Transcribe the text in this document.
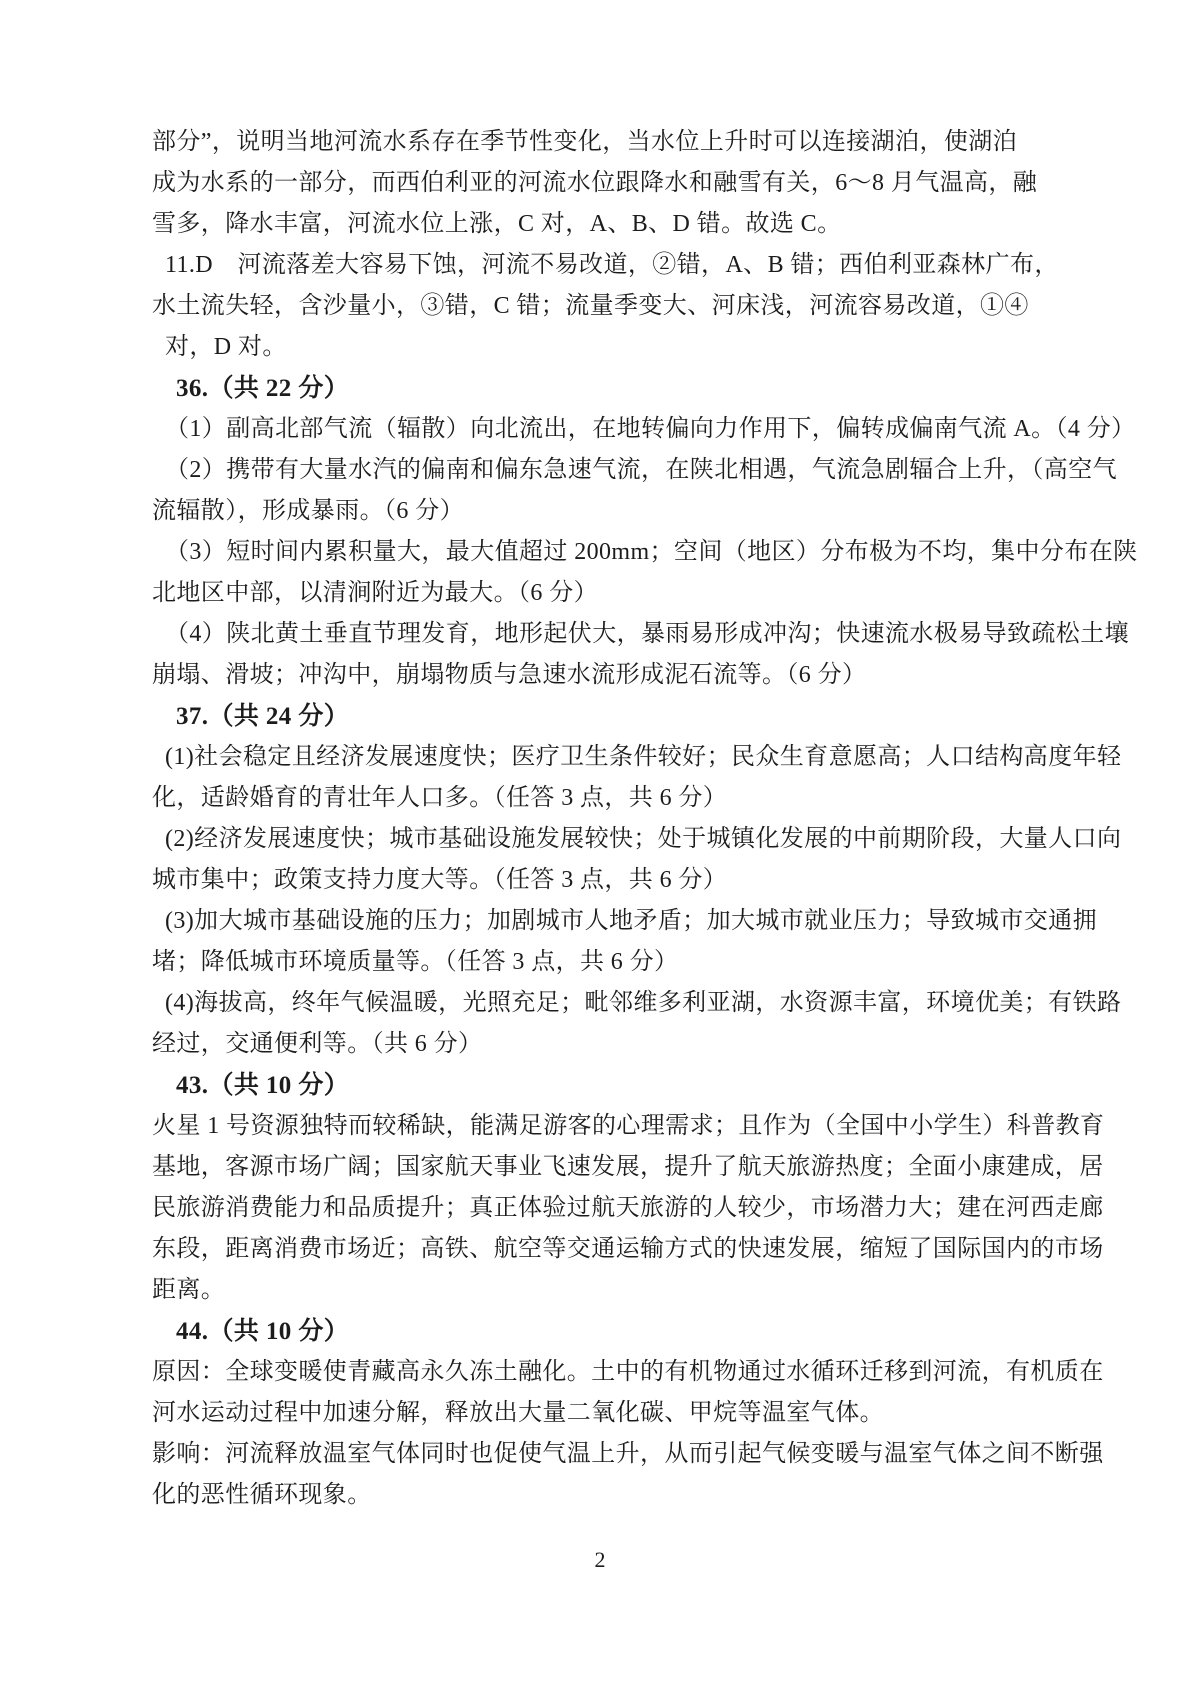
部分”，说明当地河流水系存在季节性变化，当水位上升时可以连接湖泊，使湖泊
成为水系的一部分，而西伯利亚的河流水位跟降水和融雪有关，6～8 月气温高，融
雪多，降水丰富，河流水位上涨，C 对，A、B、D 错。故选 C。
11.D　河流落差大容易下蚀，河流不易改道，②错，A、B 错；西伯利亚森林广布，
水土流失轻，含沙量小，③错，C 错；流量季变大、河床浅，河流容易改道，①④
对，D 对。
36.（共 22 分）
（1）副高北部气流（辐散）向北流出，在地转偏向力作用下，偏转成偏南气流 A。（4 分）
（2）携带有大量水汽的偏南和偏东急速气流，在陕北相遇，气流急剧辐合上升，（高空气
流辐散），形成暴雨。（6 分）
（3）短时间内累积量大，最大值超过 200mm；空间（地区）分布极为不均，集中分布在陕
北地区中部，以清涧附近为最大。（6 分）
（4）陕北黄土垂直节理发育，地形起伏大，暴雨易形成冲沟；快速流水极易导致疏松土壤
崩塌、滑坡；冲沟中，崩塌物质与急速水流形成泥石流等。（6 分）
37.（共 24 分）
(1)社会稳定且经济发展速度快；医疗卫生条件较好；民众生育意愿高；人口结构高度年轻
化，适龄婚育的青壮年人口多。（任答 3 点，共 6 分）
(2)经济发展速度快；城市基础设施发展较快；处于城镇化发展的中前期阶段，大量人口向
城市集中；政策支持力度大等。（任答 3 点，共 6 分）
(3)加大城市基础设施的压力；加剧城市人地矛盾；加大城市就业压力；导致城市交通拥
堵；降低城市环境质量等。（任答 3 点，共 6 分）
(4)海拔高，终年气候温暖，光照充足；毗邻维多利亚湖，水资源丰富，环境优美；有铁路
经过，交通便利等。（共 6 分）
43.（共 10 分）
火星 1 号资源独特而较稀缺，能满足游客的心理需求；且作为（全国中小学生）科普教育
基地，客源市场广阔；国家航天事业飞速发展，提升了航天旅游热度；全面小康建成，居
民旅游消费能力和品质提升；真正体验过航天旅游的人较少，市场潜力大；建在河西走廊
东段，距离消费市场近；高铁、航空等交通运输方式的快速发展，缩短了国际国内的市场
距离。
44.（共 10 分）
原因：全球变暖使青藏高永久冻土融化。土中的有机物通过水循环迁移到河流，有机质在
河水运动过程中加速分解，释放出大量二氧化碳、甲烷等温室气体。
影响：河流释放温室气体同时也促使气温上升，从而引起气候变暖与温室气体之间不断强
化的恶性循环现象。
2
